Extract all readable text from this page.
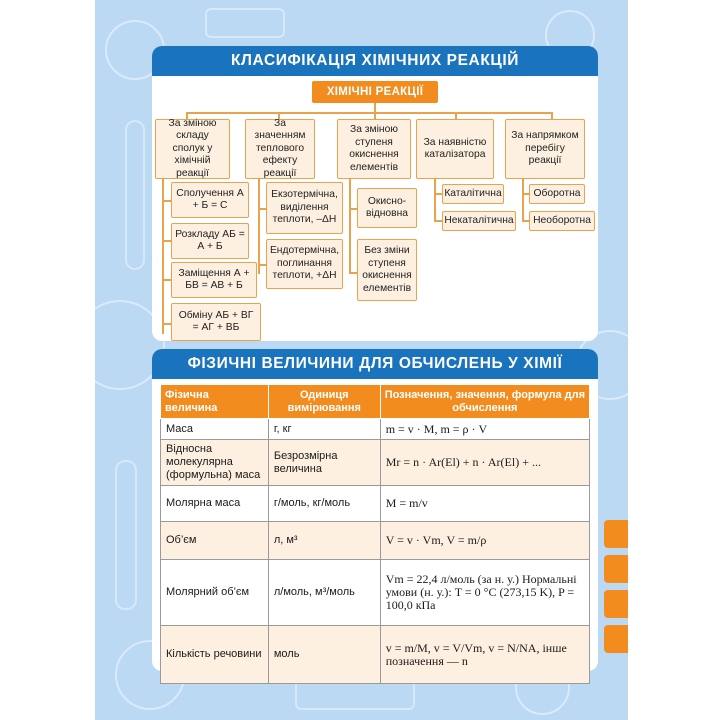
КЛАСИФІКАЦІЯ ХІМІЧНИХ РЕАКЦІЙ
ХІМІЧНІ РЕАКЦІЇ
За зміною складу сполук у хімічній реакції
За значенням теплового ефекту реакції
За зміною ступеня окиснення елементів
За наявністю каталізатора
За напрямком перебігу реакції
Сполучення А + Б = С
Розкладу АБ = А + Б
Заміщення А + БВ = АВ + Б
Обміну АБ + ВГ = АГ + ВБ
Екзотермічна, виділення теплоти, –ΔH
Ендотермічна, поглинання теплоти, +ΔH
Окисно-відновна
Без зміни ступеня окиснення елементів
Каталітична
Некаталітична
Оборотна
Необоротна
ФІЗИЧНІ ВЕЛИЧИНИ ДЛЯ ОБЧИСЛЕНЬ У ХІМІЇ
Фізична величина	Одиниця вимірювання	Позначення, значення, формула для обчислення
Маса	г, кг	m = v · M, m = ρ · V
Відносна молекулярна (формульна) маса	Безрозмірна величина	Mr = n · Ar(El) + n · Ar(El) + ...
Молярна маса	г/моль, кг/моль	M = m/v
Об’єм	л, м³	V = v · Vm, V = m/ρ
Молярний об’єм	л/моль, м³/моль	Vm = 22,4 л/моль (за н. у.) Нормальні умови (н. у.): T = 0 °C (273,15 K), P = 100,0 кПа
Кількість речовини	моль	v = m/M, v = V/Vm, v = N/NA, інше позначення — n
